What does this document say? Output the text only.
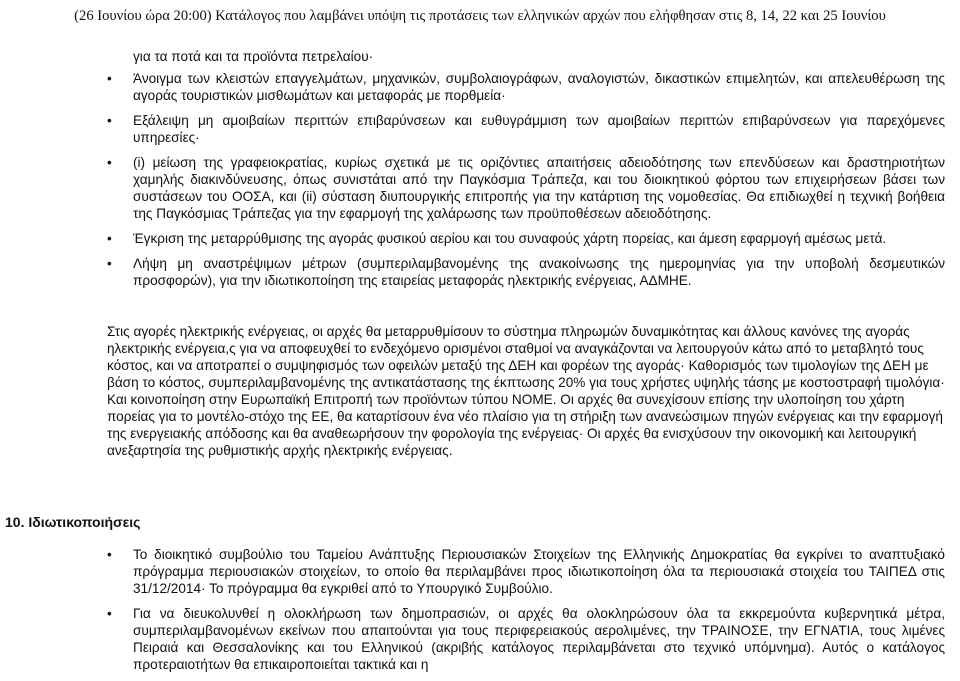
(26 Ιουνίου ώρα 20:00) Κατάλογος που λαμβάνει υπόψη τις προτάσεις των ελληνικών αρχών που ελήφθησαν στις 8, 14, 22 και 25 Ιουνίου
για τα ποτά και τα προϊόντα πετρελαίου·
• Άνοιγμα των κλειστών επαγγελμάτων, μηχανικών, συμβολαιογράφων, αναλογιστών, δικαστικών επιμελητών, και απελευθέρωση της αγοράς τουριστικών μισθωμάτων και μεταφοράς με πορθμεία·
• Εξάλειψη μη αμοιβαίων περιττών επιβαρύνσεων και ευθυγράμμιση των αμοιβαίων περιττών επιβαρύνσεων για παρεχόμενες υπηρεσίες·
• (i) μείωση της γραφειοκρατίας, κυρίως σχετικά με τις οριζόντιες απαιτήσεις αδειοδότησης των επενδύσεων και δραστηριοτήτων χαμηλής διακινδύνευσης, όπως συνιστάται από την Παγκόσμια Τράπεζα, και του διοικητικού φόρτου των επιχειρήσεων βάσει των συστάσεων του ΟΟΣΑ, και (ii) σύσταση διυπουργικής επιτροπής για την κατάρτιση της νομοθεσίας. Θα επιδιωχθεί η τεχνική βοήθεια της Παγκόσμιας Τράπεζας για την εφαρμογή της χαλάρωσης των προϋποθέσεων αδειοδότησης.
• Έγκριση της μεταρρύθμισης της αγοράς φυσικού αερίου και του συναφούς χάρτη πορείας, και άμεση εφαρμογή αμέσως μετά.
• Λήψη μη αναστρέψιμων μέτρων (συμπεριλαμβανομένης της ανακοίνωσης της ημερομηνίας για την υποβολή δεσμευτικών προσφορών), για την ιδιωτικοποίηση της εταιρείας μεταφοράς ηλεκτρικής ενέργειας, ΑΔΜΗΕ.
Στις αγορές ηλεκτρικής ενέργειας, οι αρχές θα μεταρρυθμίσουν το σύστημα πληρωμών δυναμικότητας και άλλους κανόνες της αγοράς ηλεκτρικής ενέργεια,ς για να αποφευχθεί το ενδεχόμενο ορισμένοι σταθμοί να αναγκάζονται να λειτουργούν κάτω από το μεταβλητό τους κόστος, και να αποτραπεί ο συμψηφισμός των οφειλών μεταξύ της ΔΕΗ και φορέων της αγοράς· Καθορισμός των τιμολογίων της ΔΕΗ με βάση το κόστος, συμπεριλαμβανομένης της αντικατάστασης της έκπτωσης 20% για τους χρήστες υψηλής τάσης με κοστοστραφή τιμολόγια· Και κοινοποίηση στην Ευρωπαϊκή Επιτροπή των προϊόντων τύπου NOME. Οι αρχές θα συνεχίσουν επίσης την υλοποίηση του χάρτη πορείας για το μοντέλο-στόχο της ΕΕ, θα καταρτίσουν ένα νέο πλαίσιο για τη στήριξη των ανανεώσιμων πηγών ενέργειας και την εφαρμογή της ενεργειακής απόδοσης και θα αναθεωρήσουν την φορολογία της ενέργειας· Οι αρχές θα ενισχύσουν την οικονομική και λειτουργική ανεξαρτησία της ρυθμιστικής αρχής ηλεκτρικής ενέργειας.
10. Ιδιωτικοποιήσεις
• Το διοικητικό συμβούλιο του Ταμείου Ανάπτυξης Περιουσιακών Στοιχείων της Ελληνικής Δημοκρατίας θα εγκρίνει το αναπτυξιακό πρόγραμμα περιουσιακών στοιχείων, το οποίο θα περιλαμβάνει προς ιδιωτικοποίηση όλα τα περιουσιακά στοιχεία του ΤΑΙΠΕΔ στις 31/12/2014· Το πρόγραμμα θα εγκριθεί από το Υπουργικό Συμβούλιο.
• Για να διευκολυνθεί η ολοκλήρωση των δημοπρασιών, οι αρχές θα ολοκληρώσουν όλα τα εκκρεμούντα κυβερνητικά μέτρα, συμπεριλαμβανομένων εκείνων που απαιτούνται για τους περιφερειακούς αερολιμένες, την ΤΡΑΙΝΟΣΕ, την ΕΓΝΑΤΙΑ, τους λιμένες Πειραιά και Θεσσαλονίκης και του Ελληνικού (ακριβής κατάλογος περιλαμβάνεται στο τεχνικό υπόμνημα). Αυτός ο κατάλογος προτεραιοτήτων θα επικαιροποιείται τακτικά και η
